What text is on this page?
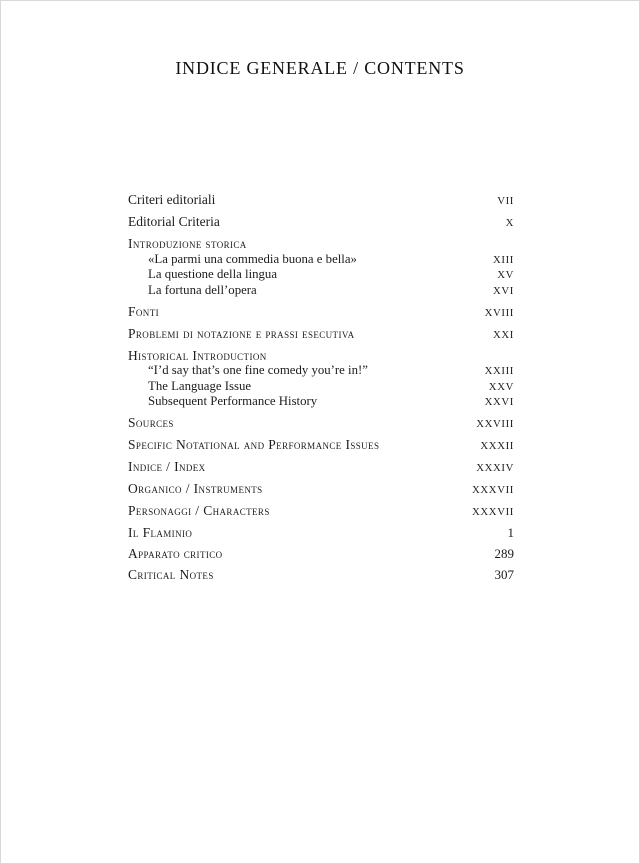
INDICE GENERALE / CONTENTS
Criteri editoriali	VII
Editorial Criteria	X
Introduzione storica
«La parmi una commedia buona e bella»	XIII
La questione della lingua	XV
La fortuna dell’opera	XVI
Fonti	XVIII
Problemi di notazione e prassi esecutiva	XXI
Historical Introduction
“I’d say that’s one fine comedy you’re in!”	XXIII
The Language Issue	XXV
Subsequent Performance History	XXVI
Sources	XXVIII
Specific Notational and Performance Issues	XXXII
Indice / Index	XXXIV
Organico / Instruments	XXXVII
Personaggi / Characters	XXXVII
Il Flaminio	1
Apparato critico	289
Critical Notes	307
